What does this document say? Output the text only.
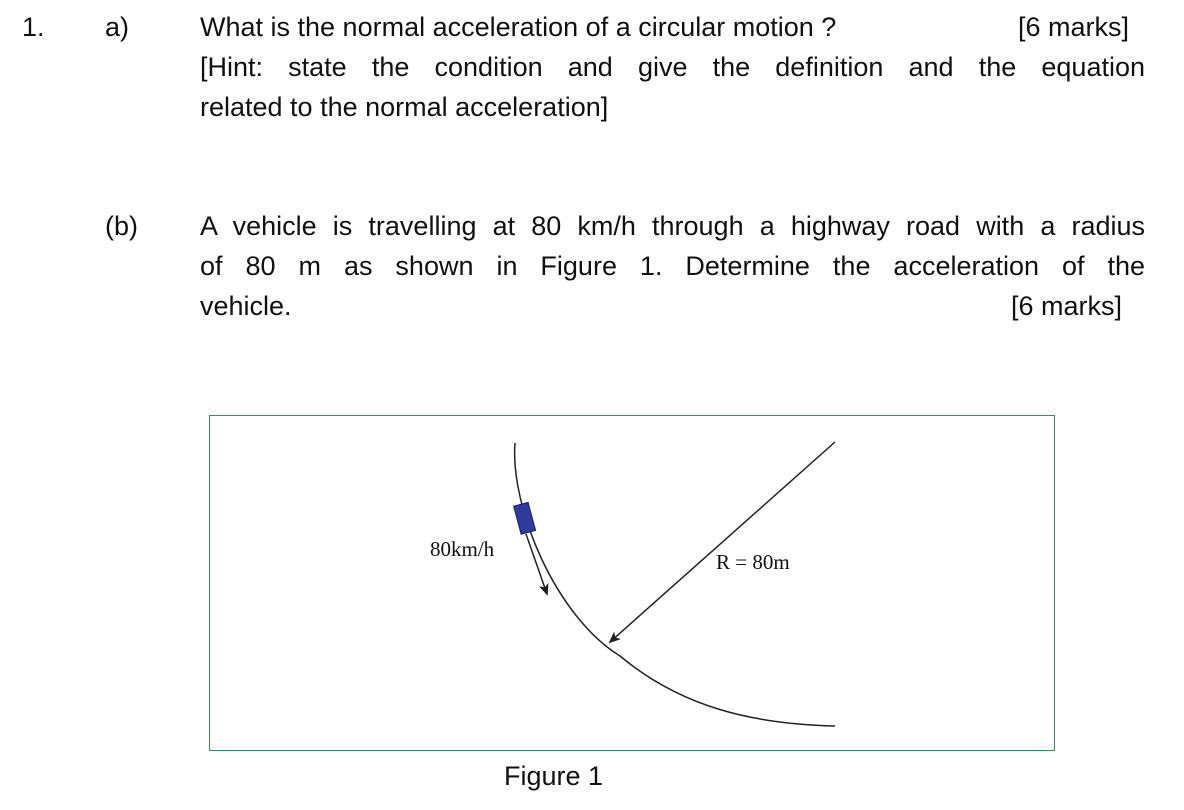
1. a)	What is the normal acceleration of a circular motion ?	[6 marks]
[Hint: state the condition and give the definition and the equation
related to the normal acceleration]
(b) A vehicle is travelling at 80 km/h through a highway road with a radius
of 80 m as shown in Figure 1. Determine the acceleration of the
vehicle.	[6 marks]
80km/h
R = 80m
Figure 1
